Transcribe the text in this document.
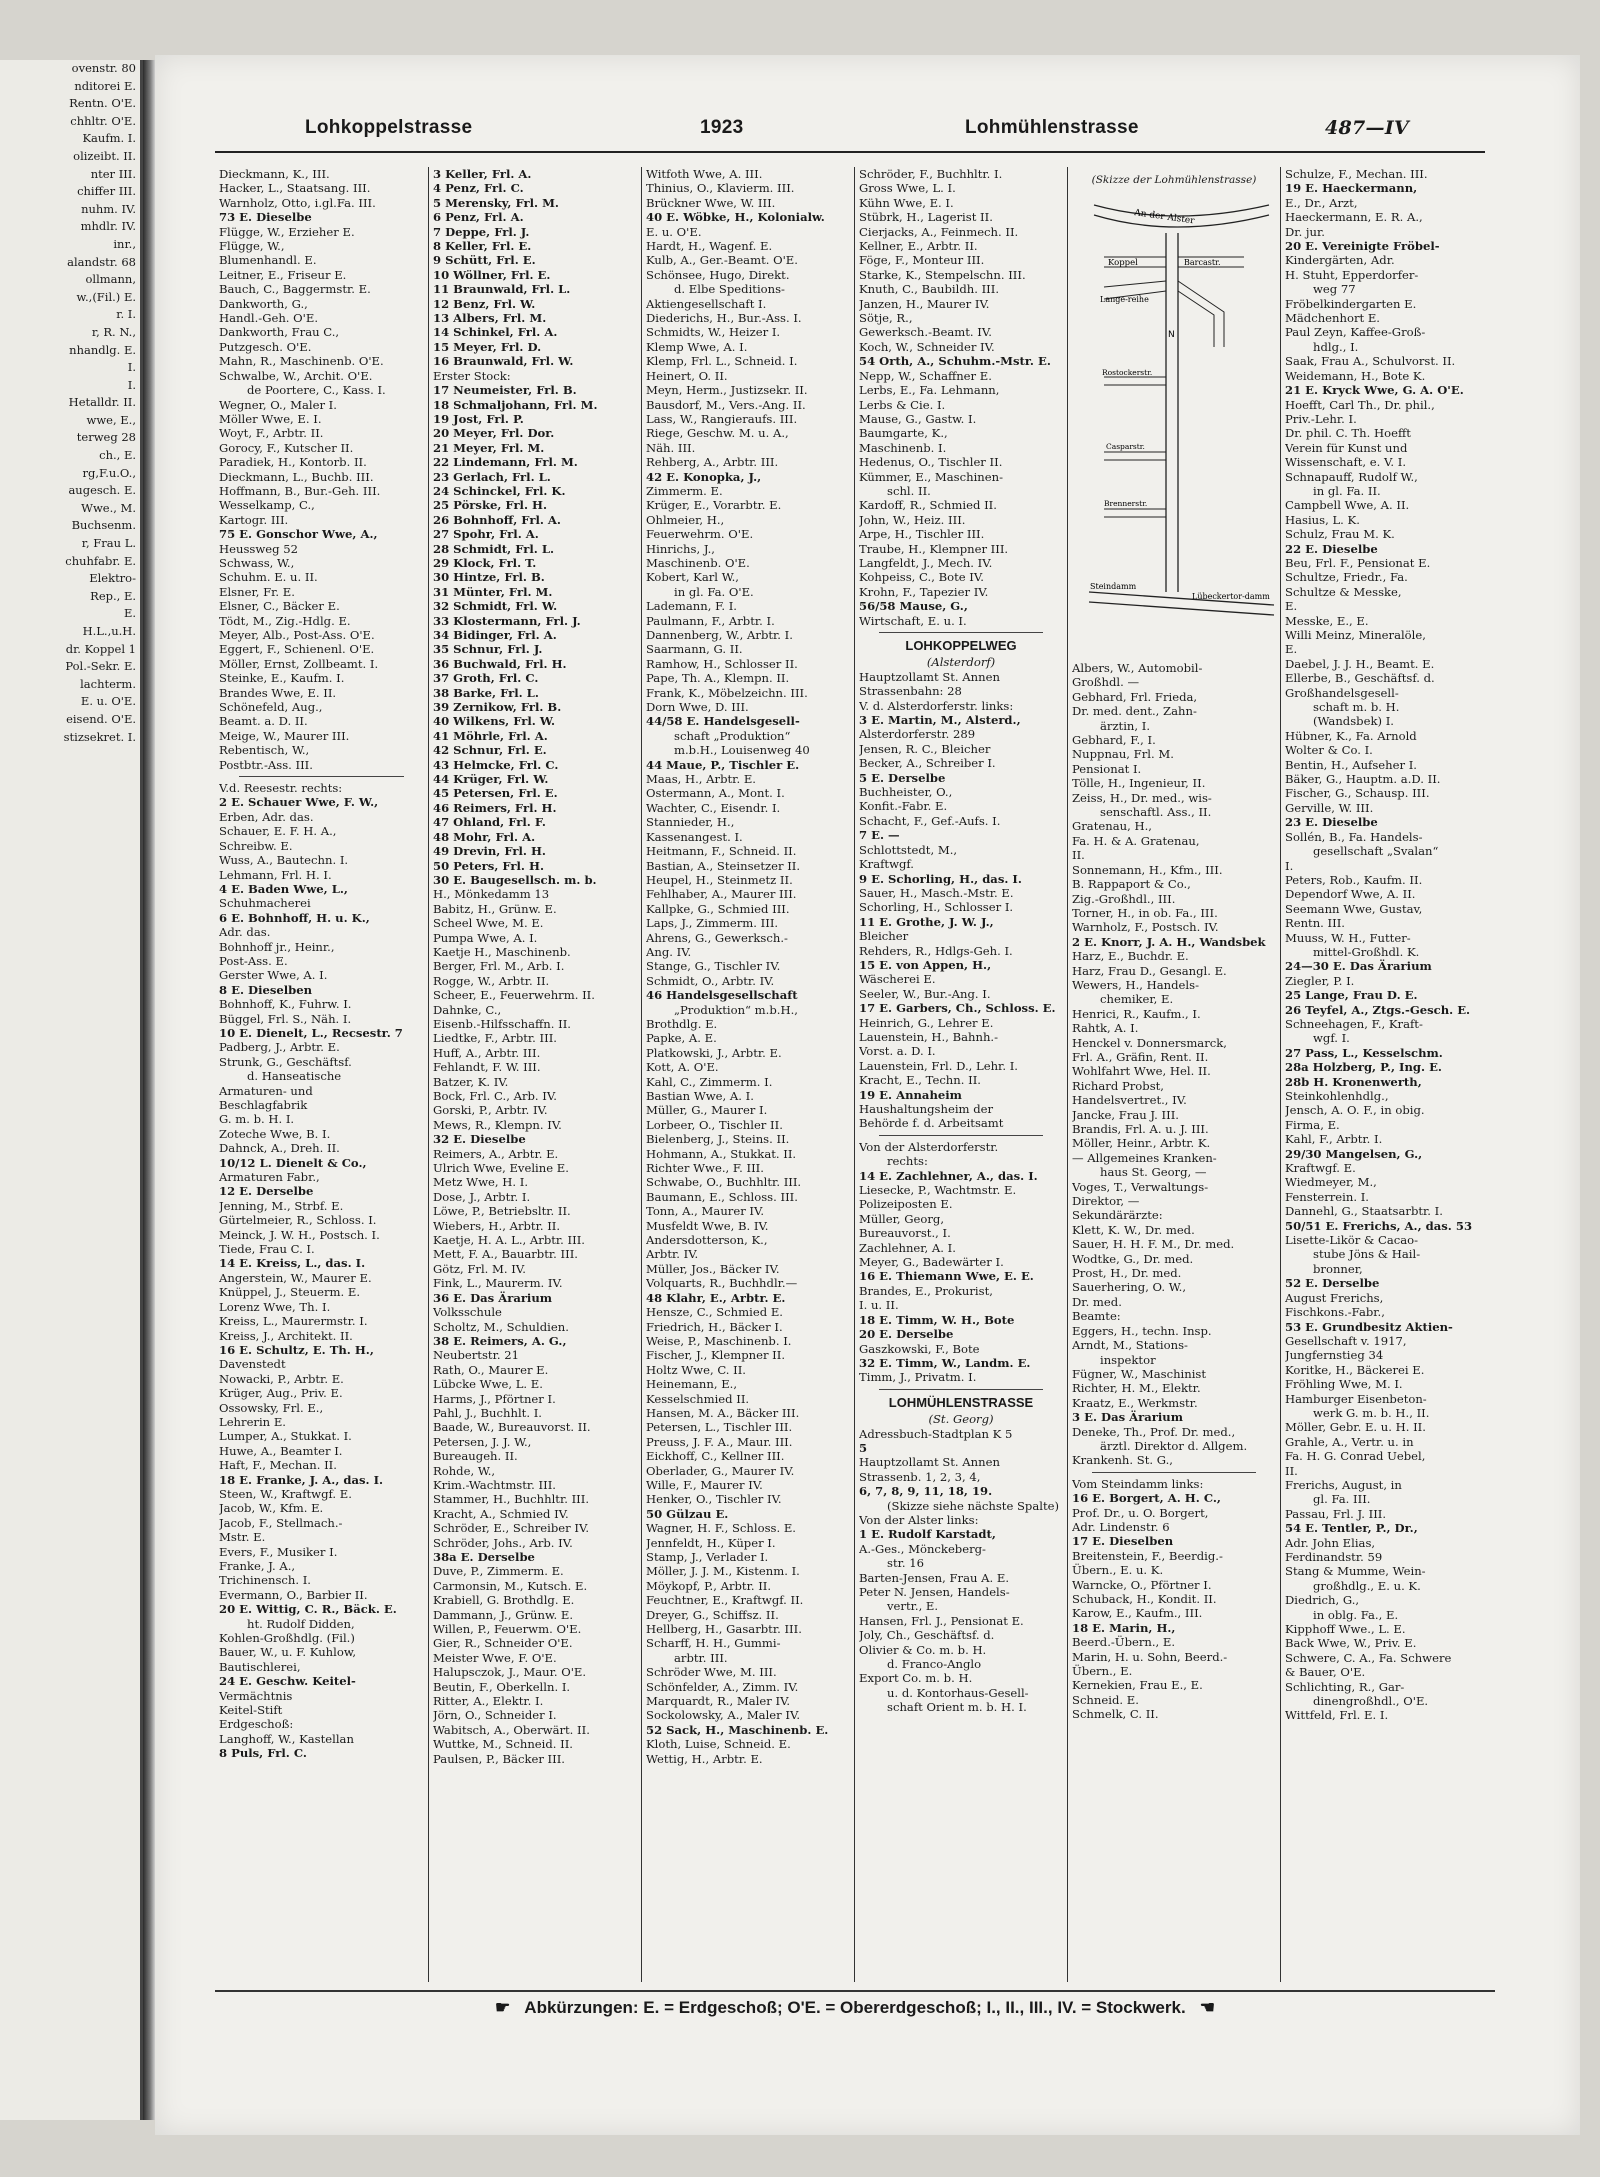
ovenstr. 80
nditorei E.
Rentn. O'E.
chhltr. O'E.
Kaufm. I.
olizeibt. II.
nter III.
chiffer III.
nuhm. IV.
mhdlr. IV.
inr.,
alandstr. 68
ollmann,
w.,(Fil.) E.
r. I.
r, R. N.,
nhandlg. E.
I.
I.
Hetalldr. II.
wwe, E.,
terweg 28
ch., E.
rg,F.u.O.,
augesch. E.
Wwe., M.
Buchsenm.
r, Frau L.
chuhfabr. E.
Elektro-
Rep., E.
E.
H.L.,u.H.
dr. Koppel 1
Pol.-Sekr. E.
lachterm.
E. u. O'E.
eisend. O'E.
stizsekret. I.
Lohkoppelstrasse	1923	Lohmühlenstrasse	487—IV
Dieckmann, K., III.
Hacker, L., Staatsang. III.
Warnholz, Otto, i.gl.Fa. III.
73 E. Dieselbe
Flügge, W., Erzieher E.
Flügge, W.,
Blumenhandl. E.
Leitner, E., Friseur E.
Bauch, C., Baggermstr. E.
Dankworth, G.,
Handl.-Geh. O'E.
Dankworth, Frau C.,
Putzgesch. O'E.
Mahn, R., Maschinenb. O'E.
Schwalbe, W., Archit. O'E.
de Poortere, C., Kass. I.
Wegner, O., Maler I.
Möller Wwe, E. I.
Woyt, F., Arbtr. II.
Gorocy, F., Kutscher II.
Paradiek, H., Kontorb. II.
Dieckmann, L., Buchb. III.
Hoffmann, B., Bur.-Geh. III.
Wesselkamp, C.,
Kartogr. III.
75 E. Gonschor Wwe, A.,
Heussweg 52
Schwass, W.,
Schuhm. E. u. II.
Elsner, Fr. E.
Elsner, C., Bäcker E.
Tödt, M., Zig.-Hdlg. E.
Meyer, Alb., Post-Ass. O'E.
Eggert, F., Schienenl. O'E.
Möller, Ernst, Zollbeamt. I.
Steinke, E., Kaufm. I.
Brandes Wwe, E. II.
Schönefeld, Aug.,
Beamt. a. D. II.
Meige, W., Maurer III.
Rebentisch, W.,
Postbtr.-Ass. III.
V.d. Reesestr. rechts:
2 E. Schauer Wwe, F. W.,
Erben, Adr. das.
Schauer, E. F. H. A.,
Schreibw. E.
Wuss, A., Bautechn. I.
Lehmann, Frl. H. I.
4 E. Baden Wwe, L.,
Schuhmacherei
6 E. Bohnhoff, H. u. K.,
Adr. das.
Bohnhoff jr., Heinr.,
Post-Ass. E.
Gerster Wwe, A. I.
8 E. Dieselben
Bohnhoff, K., Fuhrw. I.
Büggel, Frl. S., Näh. I.
10 E. Dienelt, L., Recsestr. 7
Padberg, J., Arbtr. E.
Strunk, G., Geschäftsf.
d. Hanseatische
Armaturen- und
Beschlagfabrik
G. m. b. H. I.
Zoteche Wwe, B. I.
Dahnck, A., Dreh. II.
10/12 L. Dienelt & Co.,
Armaturen Fabr.,
12 E. Derselbe
Jenning, M., Strbf. E.
Gürtelmeier, R., Schloss. I.
Meinck, J. W. H., Postsch. I.
Tiede, Frau C. I.
14 E. Kreiss, L., das. I.
Angerstein, W., Maurer E.
Knüppel, J., Steuerm. E.
Lorenz Wwe, Th. I.
Kreiss, L., Maurermstr. I.
Kreiss, J., Architekt. II.
16 E. Schultz, E. Th. H.,
Davenstedt
Nowacki, P., Arbtr. E.
Krüger, Aug., Priv. E.
Ossowsky, Frl. E.,
Lehrerin E.
Lumper, A., Stukkat. I.
Huwe, A., Beamter I.
Haft, F., Mechan. II.
18 E. Franke, J. A., das. I.
Steen, W., Kraftwgf. E.
Jacob, W., Kfm. E.
Jacob, F., Stellmach.-
Mstr. E.
Evers, F., Musiker I.
Franke, J. A.,
Trichinensch. I.
Evermann, O., Barbier II.
20 E. Wittig, C. R., Bäck. E.
ht. Rudolf Didden,
Kohlen-Großhdlg. (Fil.)
Bauer, W., u. F. Kuhlow,
Bautischlerei,
24 E. Geschw. Keitel-
Vermächtnis
Keitel-Stift
Erdgeschoß:
Langhoff, W., Kastellan
8 Puls, Frl. C.
3 Keller, Frl. A.
4 Penz, Frl. C.
5 Merensky, Frl. M.
6 Penz, Frl. A.
7 Deppe, Frl. J.
8 Keller, Frl. E.
9 Schütt, Frl. E.
10 Wöllner, Frl. E.
11 Braunwald, Frl. L.
12 Benz, Frl. W.
13 Albers, Frl. M.
14 Schinkel, Frl. A.
15 Meyer, Frl. D.
16 Braunwald, Frl. W.
Erster Stock:
17 Neumeister, Frl. B.
18 Schmaljohann, Frl. M.
19 Jost, Frl. P.
20 Meyer, Frl. Dor.
21 Meyer, Frl. M.
22 Lindemann, Frl. M.
23 Gerlach, Frl. L.
24 Schinckel, Frl. K.
25 Pörske, Frl. H.
26 Bohnhoff, Frl. A.
27 Spohr, Frl. A.
28 Schmidt, Frl. L.
29 Klock, Frl. T.
30 Hintze, Frl. B.
31 Münter, Frl. M.
32 Schmidt, Frl. W.
33 Klostermann, Frl. J.
34 Bidinger, Frl. A.
35 Schnur, Frl. J.
36 Buchwald, Frl. H.
37 Groth, Frl. C.
38 Barke, Frl. L.
39 Zernikow, Frl. B.
40 Wilkens, Frl. W.
41 Möhrle, Frl. A.
42 Schnur, Frl. E.
43 Helmcke, Frl. C.
44 Krüger, Frl. W.
45 Petersen, Frl. E.
46 Reimers, Frl. H.
47 Ohland, Frl. F.
48 Mohr, Frl. A.
49 Drevin, Frl. H.
50 Peters, Frl. H.
30 E. Baugesellsch. m. b.
H., Mönkedamm 13
Babitz, H., Grünw. E.
Scheel Wwe, M. E.
Pumpa Wwe, A. I.
Kaetje H., Maschinenb.
Berger, Frl. M., Arb. I.
Rogge, W., Arbtr. II.
Scheer, E., Feuerwehrm. II.
Dahnke, C.,
Eisenb.-Hilfsschaffn. II.
Liedtke, F., Arbtr. III.
Huff, A., Arbtr. III.
Fehlandt, F. W. III.
Batzer, K. IV.
Bock, Frl. C., Arb. IV.
Gorski, P., Arbtr. IV.
Mews, R., Klempn. IV.
32 E. Dieselbe
Reimers, A., Arbtr. E.
Ulrich Wwe, Eveline E.
Metz Wwe, H. I.
Dose, J., Arbtr. I.
Löwe, P., Betriebsltr. II.
Wiebers, H., Arbtr. II.
Kaetje, H. A. L., Arbtr. III.
Mett, F. A., Bauarbtr. III.
Götz, Frl. M. IV.
Fink, L., Maurerm. IV.
36 E. Das Ärarium
Volksschule
Scholtz, M., Schuldien.
38 E. Reimers, A. G.,
Neubertstr. 21
Rath, O., Maurer E.
Lübcke Wwe, L. E.
Harms, J., Pförtner I.
Pahl, J., Buchhlt. I.
Baade, W., Bureauvorst. II.
Petersen, J. J. W.,
Bureaugeh. II.
Rohde, W.,
Krim.-Wachtmstr. III.
Stammer, H., Buchhltr. III.
Kracht, A., Schmied IV.
Schröder, E., Schreiber IV.
Schröder, Johs., Arb. IV.
38a E. Derselbe
Duve, P., Zimmerm. E.
Carmonsin, M., Kutsch. E.
Krabiell, G. Brothdlg. E.
Dammann, J., Grünw. E.
Willen, P., Feuerwm. O'E.
Gier, R., Schneider O'E.
Meister Wwe, F. O'E.
Halupsczok, J., Maur. O'E.
Beutin, F., Oberkelln. I.
Ritter, A., Elektr. I.
Jörn, O., Schneider I.
Wabitsch, A., Oberwärt. II.
Wuttke, M., Schneid. II.
Paulsen, P., Bäcker III.
Witfoth Wwe, A. III.
Thinius, O., Klavierm. III.
Brückner Wwe, W. III.
40 E. Wöbke, H., Kolonialw.
E. u. O'E.
Hardt, H., Wagenf. E.
Kulb, A., Ger.-Beamt. O'E.
Schönsee, Hugo, Direkt.
d. Elbe Speditions-
Aktiengesellschaft I.
Diederichs, H., Bur.-Ass. I.
Schmidts, W., Heizer I.
Klemp Wwe, A. I.
Klemp, Frl. L., Schneid. I.
Heinert, O. II.
Meyn, Herm., Justizsekr. II.
Bausdorf, M., Vers.-Ang. II.
Lass, W., Rangieraufs. III.
Riege, Geschw. M. u. A.,
Näh. III.
Rehberg, A., Arbtr. III.
42 E. Konopka, J.,
Zimmerm. E.
Krüger, E., Vorarbtr. E.
Ohlmeier, H.,
Feuerwehrm. O'E.
Hinrichs, J.,
Maschinenb. O'E.
Kobert, Karl W.,
in gl. Fa. O'E.
Lademann, F. I.
Paulmann, F., Arbtr. I.
Dannenberg, W., Arbtr. I.
Saarmann, G. II.
Ramhow, H., Schlosser II.
Pape, Th. A., Klempn. II.
Frank, K., Möbelzeichn. III.
Dorn Wwe, D. III.
44/58 E. Handelsgesell-
schaft „Produktion“
m.b.H., Louisenweg 40
44 Maue, P., Tischler E.
Maas, H., Arbtr. E.
Ostermann, A., Mont. I.
Wachter, C., Eisendr. I.
Stannieder, H.,
Kassenangest. I.
Heitmann, F., Schneid. II.
Bastian, A., Steinsetzer II.
Heupel, H., Steinmetz II.
Fehlhaber, A., Maurer III.
Kallpke, G., Schmied III.
Laps, J., Zimmerm. III.
Ahrens, G., Gewerksch.-
Ang. IV.
Stange, G., Tischler IV.
Schmidt, O., Arbtr. IV.
46 Handelsgesellschaft
„Produktion“ m.b.H.,
Brothdlg. E.
Papke, A. E.
Platkowski, J., Arbtr. E.
Kott, A. O'E.
Kahl, C., Zimmerm. I.
Bastian Wwe, A. I.
Müller, G., Maurer I.
Lorbeer, O., Tischler II.
Bielenberg, J., Steins. II.
Hohmann, A., Stukkat. II.
Richter Wwe., F. III.
Schwabe, O., Buchhltr. III.
Baumann, E., Schloss. III.
Tonn, A., Maurer IV.
Musfeldt Wwe, B. IV.
Andersdotterson, K.,
Arbtr. IV.
Müller, Jos., Bäcker IV.
Volquarts, R., Buchhdlr.—
48 Klahr, E., Arbtr. E.
Hensze, C., Schmied E.
Friedrich, H., Bäcker I.
Weise, P., Maschinenb. I.
Fischer, J., Klempner II.
Holtz Wwe, C. II.
Heinemann, E.,
Kesselschmied II.
Hansen, M. A., Bäcker III.
Petersen, L., Tischler III.
Preuss, J. F. A., Maur. III.
Eickhoff, C., Kellner III.
Oberlader, G., Maurer IV.
Wille, F., Maurer IV.
Henker, O., Tischler IV.
50 Gülzau E.
Wagner, H. F., Schloss. E.
Jennfeldt, H., Küper I.
Stamp, J., Verlader I.
Möller, J. J. M., Kistenm. I.
Möykopf, P., Arbtr. II.
Feuchtner, E., Kraftwgf. II.
Dreyer, G., Schiffsz. II.
Hellberg, H., Gasarbtr. III.
Scharff, H. H., Gummi-
arbtr. III.
Schröder Wwe, M. III.
Schönfelder, A., Zimm. IV.
Marquardt, R., Maler IV.
Sockolowsky, A., Maler IV.
52 Sack, H., Maschinenb. E.
Kloth, Luise, Schneid. E.
Wettig, H., Arbtr. E.
Schröder, F., Buchhltr. I.
Gross Wwe, L. I.
Kühn Wwe, E. I.
Stübrk, H., Lagerist II.
Cierjacks, A., Feinmech. II.
Kellner, E., Arbtr. II.
Föge, F., Monteur III.
Starke, K., Stempelschn. III.
Knuth, C., Baubildh. III.
Janzen, H., Maurer IV.
Sötje, R.,
Gewerksch.-Beamt. IV.
Koch, W., Schneider IV.
54 Orth, A., Schuhm.-Mstr. E.
Nepp, W., Schaffner E.
Lerbs, E., Fa. Lehmann,
Lerbs & Cie. I.
Mause, G., Gastw. I.
Baumgarte, K.,
Maschinenb. I.
Hedenus, O., Tischler II.
Kümmer, E., Maschinen-
schl. II.
Kardoff, R., Schmied II.
John, W., Heiz. III.
Arpe, H., Tischler III.
Traube, H., Klempner III.
Langfeldt, J., Mech. IV.
Kohpeiss, C., Bote IV.
Krohn, F., Tapezier IV.
56/58 Mause, G.,
Wirtschaft, E. u. I.
LOHKOPPELWEG
(Alsterdorf)
Hauptzollamt St. Annen
Strassenbahn: 28
V. d. Alsterdorferstr. links:
3 E. Martin, M., Alsterd.,
Alsterdorferstr. 289
Jensen, R. C., Bleicher
Becker, A., Schreiber I.
5 E. Derselbe
Buchheister, O.,
Konfit.-Fabr. E.
Schacht, F., Gef.-Aufs. I.
7 E. —
Schlottstedt, M.,
Kraftwgf.
9 E. Schorling, H., das. I.
Sauer, H., Masch.-Mstr. E.
Schorling, H., Schlosser I.
11 E. Grothe, J. W. J.,
Bleicher
Rehders, R., Hdlgs-Geh. I.
15 E. von Appen, H.,
Wäscherei E.
Seeler, W., Bur.-Ang. I.
17 E. Garbers, Ch., Schloss. E.
Heinrich, G., Lehrer E.
Lauenstein, H., Bahnh.-
Vorst. a. D. I.
Lauenstein, Frl. D., Lehr. I.
Kracht, E., Techn. II.
19 E. Annaheim
Haushaltungsheim der
Behörde f. d. Arbeitsamt
Von der Alsterdorferstr.
rechts:
14 E. Zachlehner, A., das. I.
Liesecke, P., Wachtmstr. E.
Polizeiposten E.
Müller, Georg,
Bureauvorst., I.
Zachlehner, A. I.
Meyer, G., Badewärter I.
16 E. Thiemann Wwe, E. E.
Brandes, E., Prokurist,
I. u. II.
18 E. Timm, W. H., Bote
20 E. Derselbe
Gaszkowski, F., Bote
32 E. Timm, W., Landm. E.
Timm, J., Privatm. I.
LOHMÜHLENSTRASSE
(St. Georg)
Adressbuch-Stadtplan K 5
5
Hauptzollamt St. Annen
Strassenb. 1, 2, 3, 4,
6, 7, 8, 9, 11, 18, 19.
(Skizze siehe nächste Spalte)
Von der Alster links:
1 E. Rudolf Karstadt,
A.-Ges., Mönckeberg-
str. 16
Barten-Jensen, Frau A. E.
Peter N. Jensen, Handels-
vertr., E.
Hansen, Frl. J., Pensionat E.
Joly, Ch., Geschäftsf. d.
Olivier & Co. m. b. H.
d. Franco-Anglo
Export Co. m. b. H.
u. d. Kontorhaus-Gesell-
schaft Orient m. b. H. I.
(Skizze der Lohmühlenstrasse)
An der Alster
Koppel	Barcastr.
Lange-reihe
Rostockerstr.
Casparstr.
Brennerstr.
Steindamm
Lübeckertor-damm
N
Albers, W., Automobil-
Großhdl. —
Gebhard, Frl. Frieda,
Dr. med. dent., Zahn-
ärztin, I.
Gebhard, F., I.
Nuppnau, Frl. M.
Pensionat I.
Tölle, H., Ingenieur, II.
Zeiss, H., Dr. med., wis-
senschaftl. Ass., II.
Gratenau, H.,
Fa. H. & A. Gratenau,
II.
Sonnemann, H., Kfm., III.
B. Rappaport & Co.,
Zig.-Großhdl., III.
Torner, H., in ob. Fa., III.
Warnholz, F., Postsch. IV.
2 E. Knorr, J. A. H., Wandsbek
Harz, E., Buchdr. E.
Harz, Frau D., Gesangl. E.
Wewers, H., Handels-
chemiker, E.
Henrici, R., Kaufm., I.
Rahtk, A. I.
Henckel v. Donnersmarck,
Frl. A., Gräfin, Rent. II.
Wohlfahrt Wwe, Hel. II.
Richard Probst,
Handelsvertret., IV.
Jancke, Frau J. III.
Brandis, Frl. A. u. J. III.
Möller, Heinr., Arbtr. K.
— Allgemeines Kranken-
haus St. Georg, —
Voges, T., Verwaltungs-
Direktor, —
Sekundärärzte:
Klett, K. W., Dr. med.
Sauer, H. H. F. M., Dr. med.
Wodtke, G., Dr. med.
Prost, H., Dr. med.
Sauerhering, O. W.,
Dr. med.
Beamte:
Eggers, H., techn. Insp.
Arndt, M., Stations-
inspektor
Fügner, W., Maschinist
Richter, H. M., Elektr.
Kraatz, E., Werkmstr.
3 E. Das Ärarium
Deneke, Th., Prof. Dr. med.,
ärztl. Direktor d. Allgem.
Krankenh. St. G.,
Vom Steindamm links:
16 E. Borgert, A. H. C.,
Prof. Dr., u. O. Borgert,
Adr. Lindenstr. 6
17 E. Dieselben
Breitenstein, F., Beerdig.-
Übern., E. u. K.
Warncke, O., Pförtner I.
Schuback, H., Kondit. II.
Karow, E., Kaufm., III.
18 E. Marin, H.,
Beerd.-Übern., E.
Marin, H. u. Sohn, Beerd.-
Übern., E.
Kernekien, Frau E., E.
Schneid. E.
Schmelk, C. II.
Schulze, F., Mechan. III.
19 E. Haeckermann,
E., Dr., Arzt,
Haeckermann, E. R. A.,
Dr. jur.
20 E. Vereinigte Fröbel-
Kindergärten, Adr.
H. Stuht, Epperdorfer-
weg 77
Fröbelkindergarten E.
Mädchenhort E.
Paul Zeyn, Kaffee-Groß-
hdlg., I.
Saak, Frau A., Schulvorst. II.
Weidemann, H., Bote K.
21 E. Kryck Wwe, G. A. O'E.
Hoefft, Carl Th., Dr. phil.,
Priv.-Lehr. I.
Dr. phil. C. Th. Hoefft
Verein für Kunst und
Wissenschaft, e. V. I.
Schnapauff, Rudolf W.,
in gl. Fa. II.
Campbell Wwe, A. II.
Hasius, L. K.
Schulz, Frau M. K.
22 E. Dieselbe
Beu, Frl. F., Pensionat E.
Schultze, Friedr., Fa.
Schultze & Messke,
E.
Messke, E., E.
Willi Meinz, Mineralöle,
E.
Daebel, J. J. H., Beamt. E.
Ellerbe, B., Geschäftsf. d.
Großhandelsgesell-
schaft m. b. H.
(Wandsbek) I.
Hübner, K., Fa. Arnold
Wolter & Co. I.
Bentin, H., Aufseher I.
Bäker, G., Hauptm. a.D. II.
Fischer, G., Schausp. III.
Gerville, W. III.
23 E. Dieselbe
Sollén, B., Fa. Handels-
gesellschaft „Svalan“
I.
Peters, Rob., Kaufm. II.
Dependorf Wwe, A. II.
Seemann Wwe, Gustav,
Rentn. III.
Muuss, W. H., Futter-
mittel-Großhdl. K.
24—30 E. Das Ärarium
Ziegler, P. I.
25 Lange, Frau D. E.
26 Teyfel, A., Ztgs.-Gesch. E.
Schneehagen, F., Kraft-
wgf. I.
27 Pass, L., Kesselschm.
28a Holzberg, P., Ing. E.
28b H. Kronenwerth,
Steinkohlenhdlg.,
Jensch, A. O. F., in obig.
Firma, E.
Kahl, F., Arbtr. I.
29/30 Mangelsen, G.,
Kraftwgf. E.
Wiedmeyer, M.,
Fensterrein. I.
Dannehl, G., Staatsarbtr. I.
50/51 E. Frerichs, A., das. 53
Lisette-Likör & Cacao-
stube Jöns & Hail-
bronner,
52 E. Derselbe
August Frerichs,
Fischkons.-Fabr.,
53 E. Grundbesitz Aktien-
Gesellschaft v. 1917,
Jungfernstieg 34
Koritke, H., Bäckerei E.
Fröhling Wwe, M. I.
Hamburger Eisenbeton-
werk G. m. b. H., II.
Möller, Gebr. E. u. H. II.
Grahle, A., Vertr. u. in
Fa. H. G. Conrad Uebel,
II.
Frerichs, August, in
gl. Fa. III.
Passau, Frl. J. III.
54 E. Tentler, P., Dr.,
Adr. John Elias,
Ferdinandstr. 59
Stang & Mumme, Wein-
großhdlg., E. u. K.
Diedrich, G.,
in oblg. Fa., E.
Kipphoff Wwe., L. E.
Back Wwe, W., Priv. E.
Schwere, C. A., Fa. Schwere
& Bauer, O'E.
Schlichting, R., Gar-
dinengroßhdl., O'E.
Wittfeld, Frl. E. I.
☛ Abkürzungen: E. = Erdgeschoß; O'E. = Obererdgeschoß; I., II., III., IV. = Stockwerk. ☚
